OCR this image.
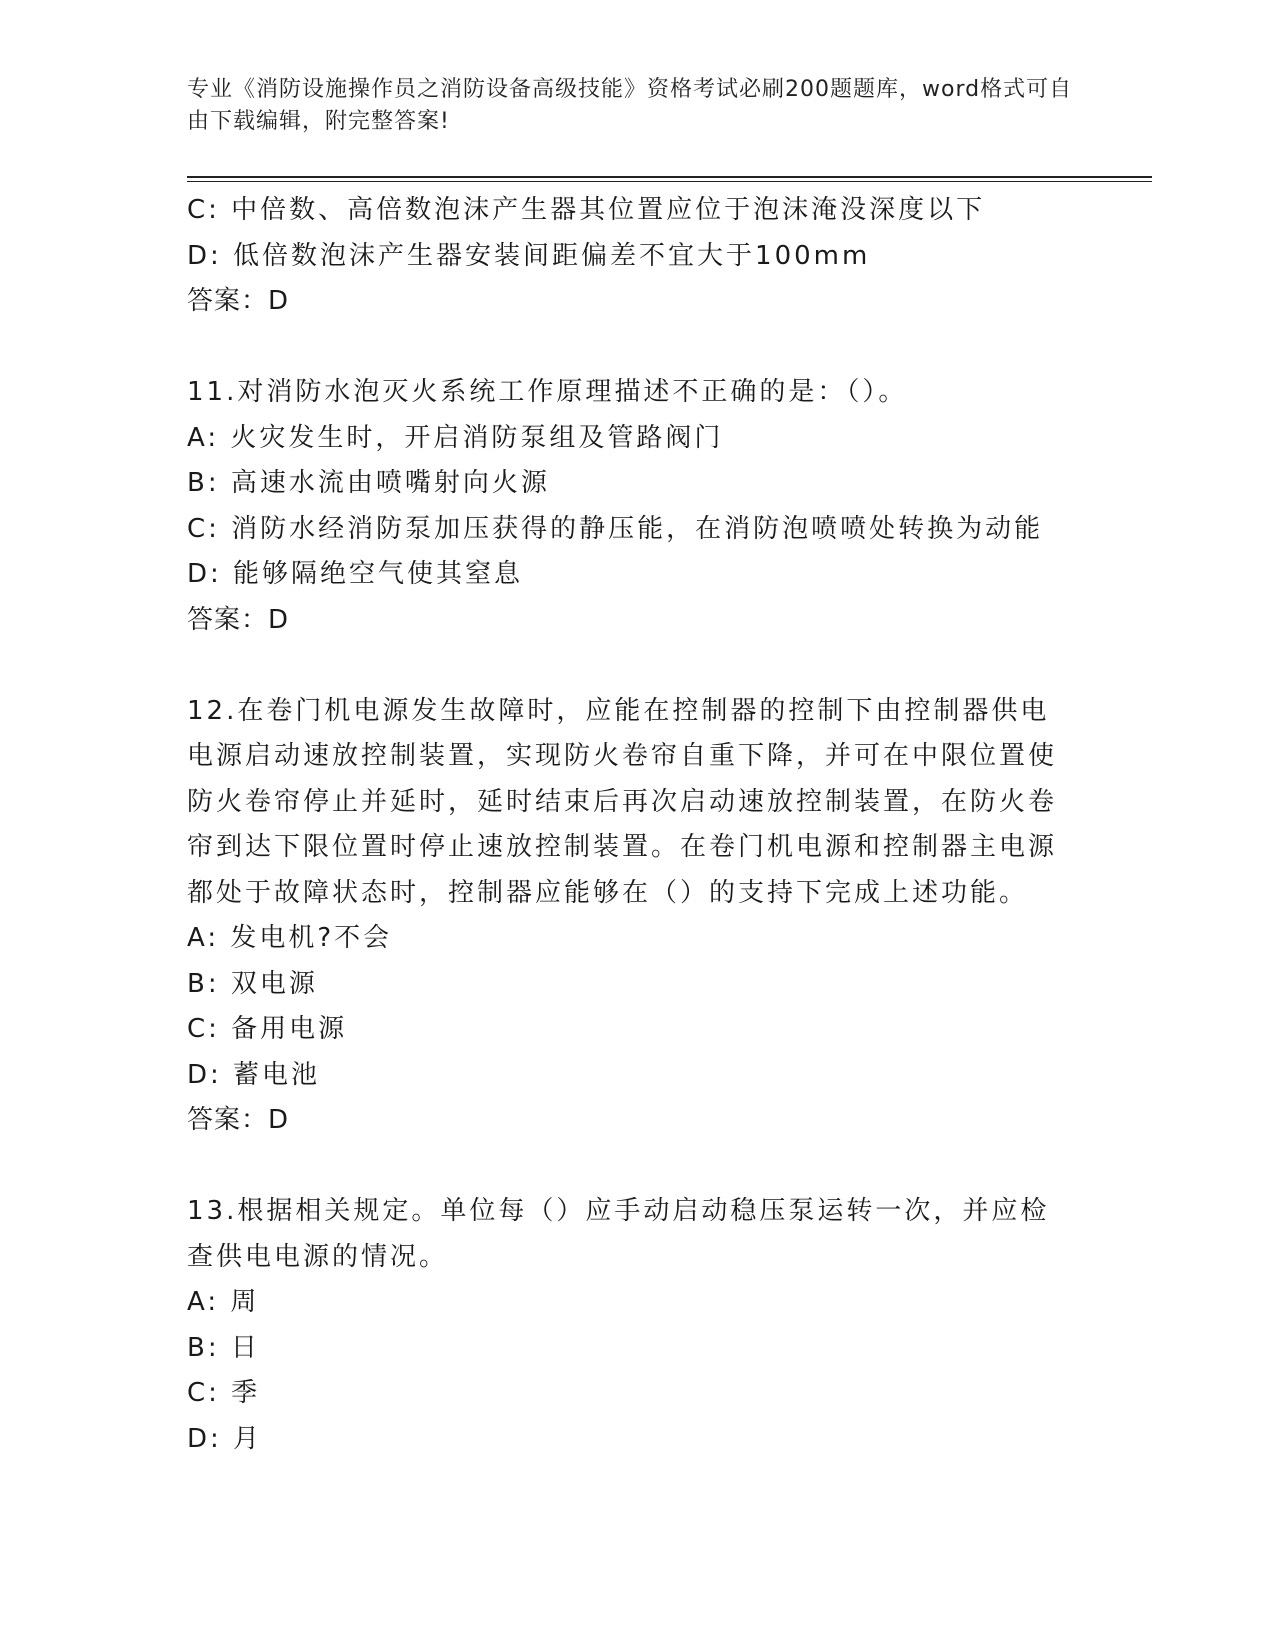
专业《消防设施操作员之消防设备高级技能》资格考试必刷200题题库，word格式可自由下载编辑，附完整答案!
C: 中倍数、高倍数泡沫产生器其位置应位于泡沫淹没深度以下
D: 低倍数泡沫产生器安装间距偏差不宜大于100mm
答案：D
11.对消防水泡灭火系统工作原理描述不正确的是：（）。
A: 火灾发生时，开启消防泵组及管路阀门
B: 高速水流由喷嘴射向火源
C: 消防水经消防泵加压获得的静压能，在消防泡喷喷处转换为动能
D: 能够隔绝空气使其窒息
答案：D
12.在卷门机电源发生故障时，应能在控制器的控制下由控制器供电电源启动速放控制装置，实现防火卷帘自重下降，并可在中限位置使防火卷帘停止并延时，延时结束后再次启动速放控制装置，在防火卷帘到达下限位置时停止速放控制装置。在卷门机电源和控制器主电源都处于故障状态时，控制器应能够在（）的支持下完成上述功能。
A: 发电机?不会
B: 双电源
C: 备用电源
D: 蓄电池
答案：D
13.根据相关规定。单位每（）应手动启动稳压泵运转一次，并应检查供电电源的情况。
A: 周
B: 日
C: 季
D: 月
